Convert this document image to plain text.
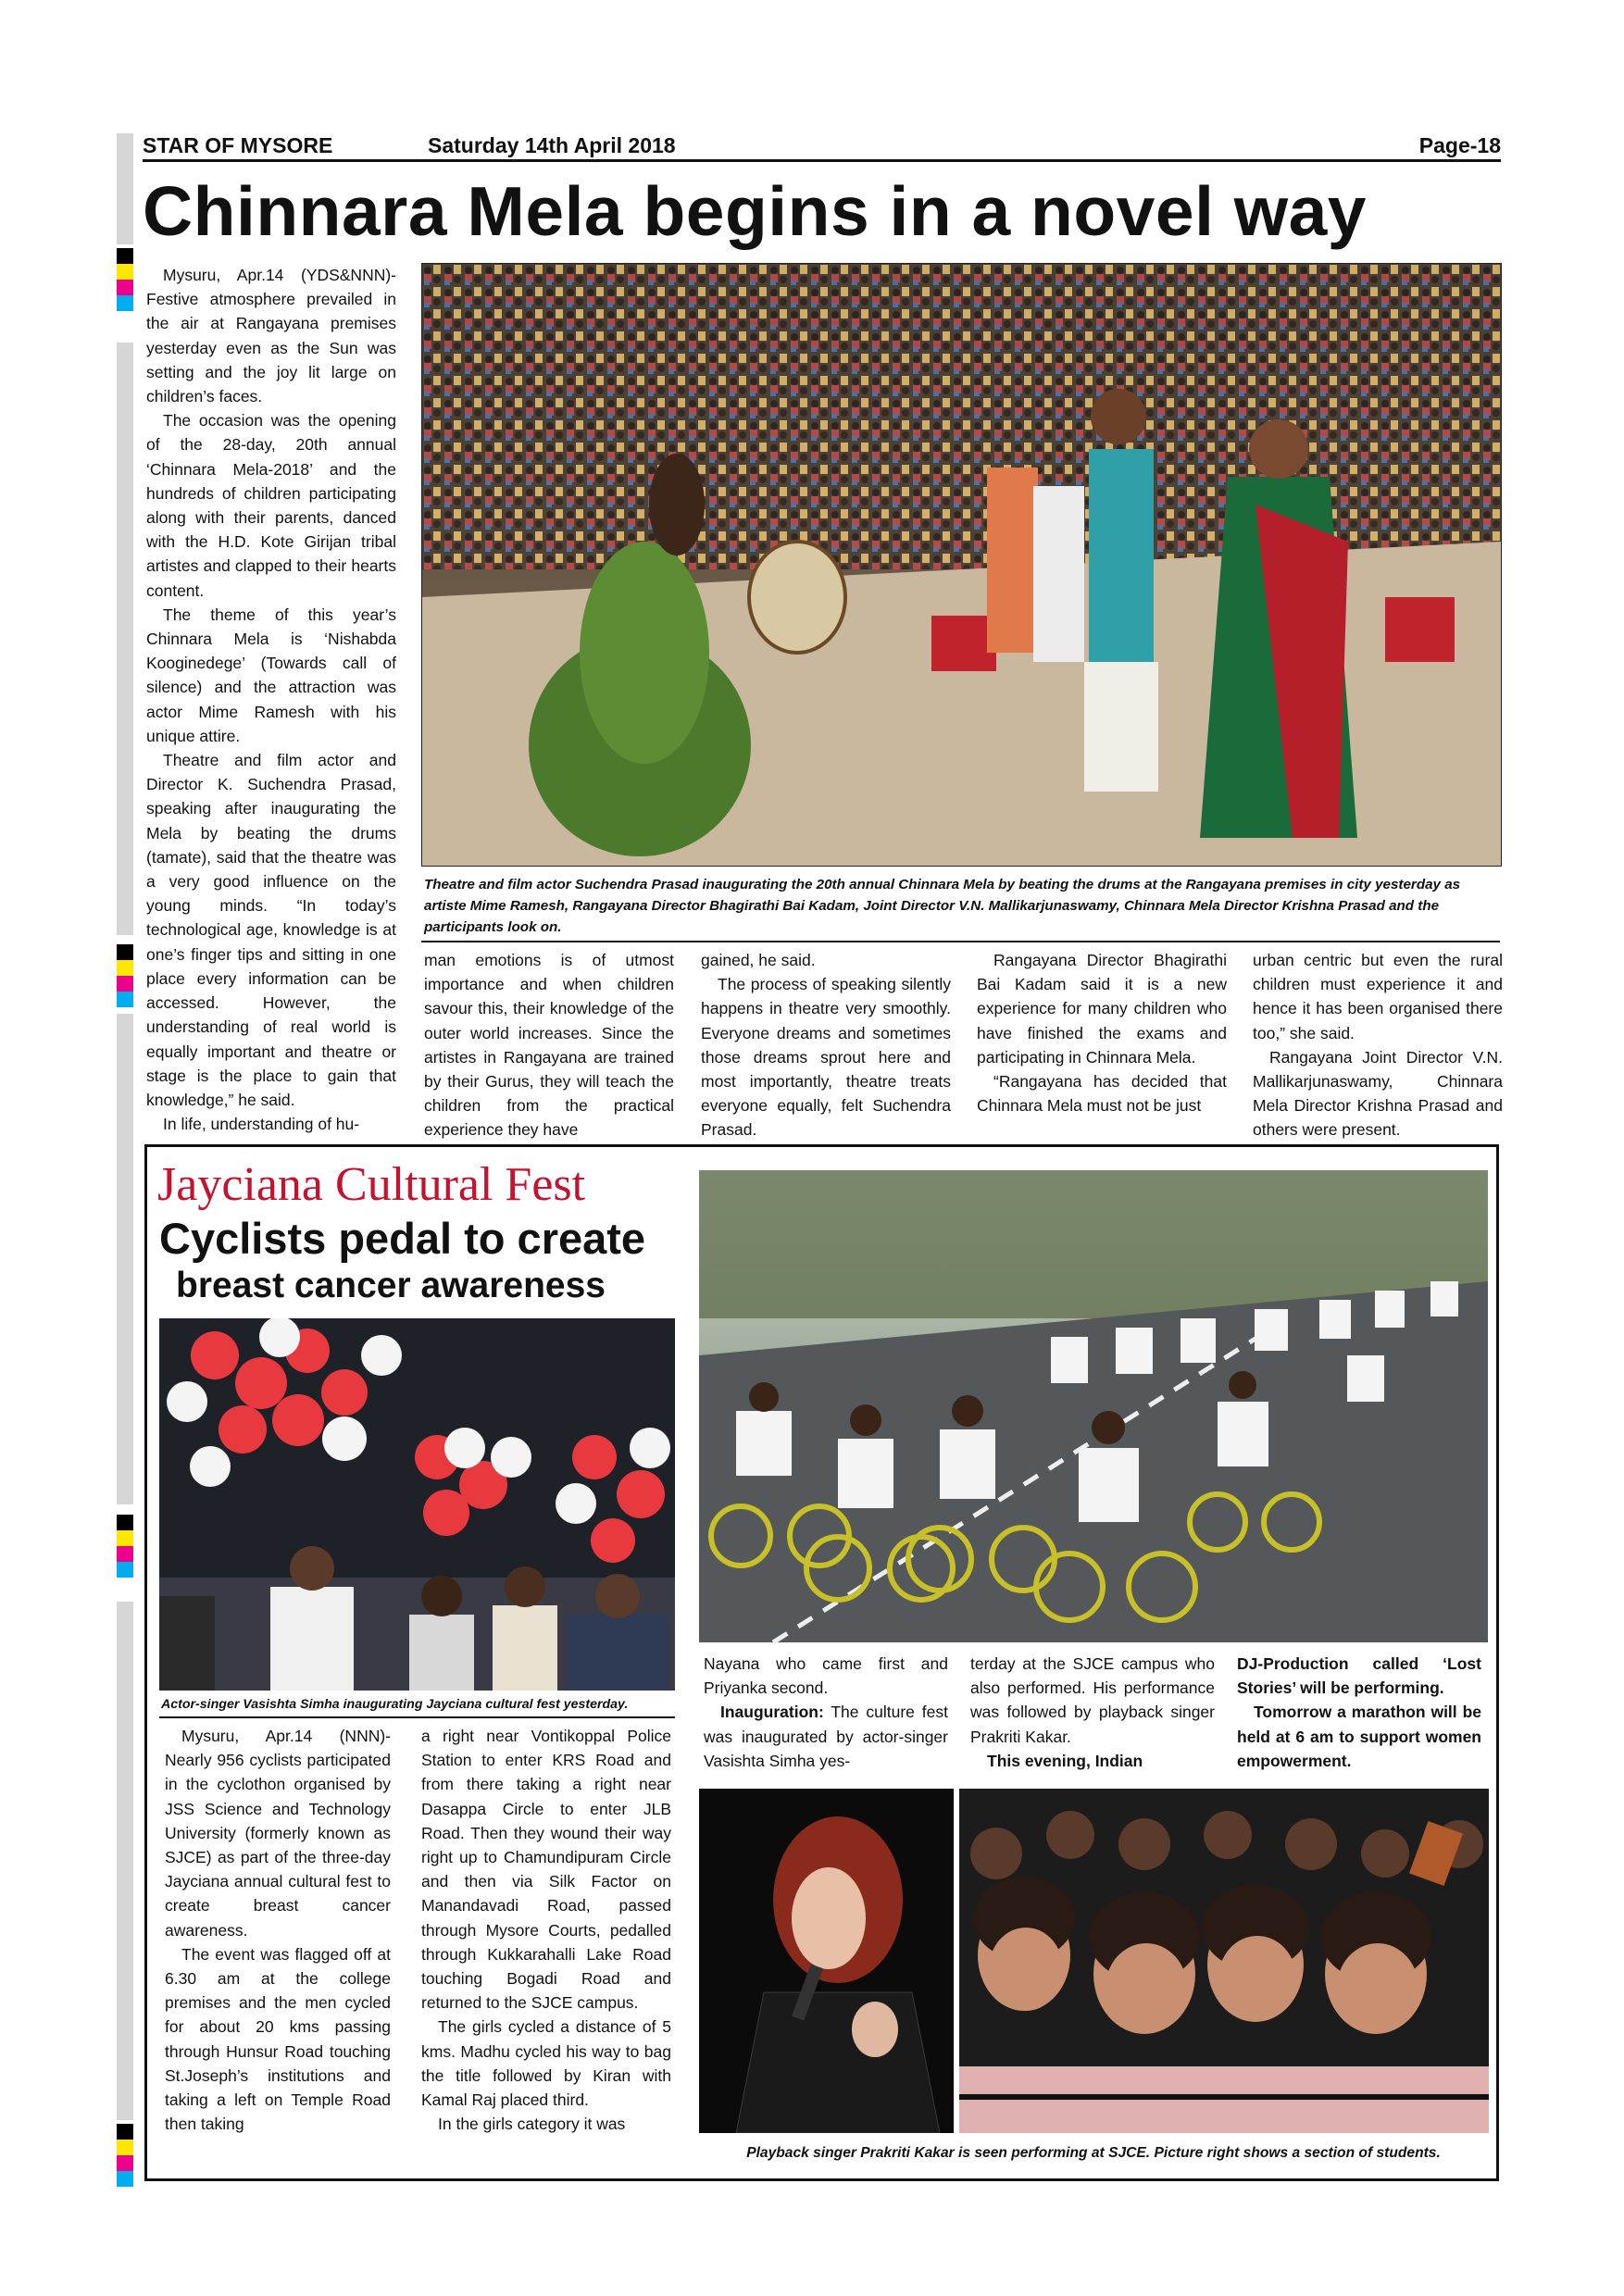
STAR OF MYSORE	Saturday 14th April 2018	Page-18
Chinnara Mela begins in a novel way

Mysuru, Apr.14 (YDS&NNN)- Festive atmosphere prevailed in the air at Rangayana premises yesterday even as the Sun was setting and the joy lit large on children’s faces.

The occasion was the opening of the 28-day, 20th annual ‘Chinnara Mela-2018’ and the hundreds of children participating along with their parents, danced with the H.D. Kote Girijan tribal artistes and clapped to their hearts content.

The theme of this year’s Chinnara Mela is ‘Nishabda Kooginedege’ (Towards call of silence) and the attraction was actor Mime Ramesh with his unique attire.

Theatre and film actor and Director K. Suchendra Prasad, speaking after inaugurating the Mela by beating the drums (tamate), said that the theatre was a very good influence on the young minds. “In today’s technological age, knowledge is at one’s finger tips and sitting in one place every information can be accessed. However, the understanding of real world is equally important and theatre or stage is the place to gain that knowledge,” he said.

In life, understanding of hu-

Theatre and film actor Suchendra Prasad inaugurating the 20th annual Chinnara Mela by beating the drums at the Rangayana premises in city yesterday as artiste Mime Ramesh, Rangayana Director Bhagirathi Bai Kadam, Joint Director V.N. Mallikarjunaswamy, Chinnara Mela Director Krishna Prasad and the participants look on.

man emotions is of utmost importance and when children savour this, their knowledge of the outer world increases. Since the artistes in Rangayana are trained by their Gurus, they will teach the children from the practical experience they have

gained, he said.

The process of speaking silently happens in theatre very smoothly. Everyone dreams and sometimes those dreams sprout here and most importantly, theatre treats everyone equally, felt Suchendra Prasad.

Rangayana Director Bhagirathi Bai Kadam said it is a new experience for many children who have finished the exams and participating in Chinnara Mela.

“Rangayana has decided that Chinnara Mela must not be just

urban centric but even the rural children must experience it and hence it has been organised there too,” she said.

Rangayana Joint Director V.N. Mallikarjunaswamy, Chinnara Mela Director Krishna Prasad and others were present.

Jayciana Cultural Fest
Cyclists pedal to create
breast cancer awareness
Actor-singer Vasishta Simha inaugurating Jayciana cultural fest yesterday.

Mysuru, Apr.14 (NNN)- Nearly 956 cyclists participated in the cyclothon organised by JSS Science and Technology University (formerly known as SJCE) as part of the three-day Jayciana annual cultural fest to create breast cancer awareness.

The event was flagged off at 6.30 am at the college premises and the men cycled for about 20 kms passing through Hunsur Road touching St.Joseph’s institutions and taking a left on Temple Road then taking

a right near Vontikoppal Police Station to enter KRS Road and from there taking a right near Dasappa Circle to enter JLB Road. Then they wound their way right up to Chamundipuram Circle and then via Silk Factor on Manandavadi Road, passed through Mysore Courts, pedalled through Kukkarahalli Lake Road touching Bogadi Road and returned to the SJCE campus.

The girls cycled a distance of 5 kms. Madhu cycled his way to bag the title followed by Kiran with Kamal Raj placed third.

In the girls category it was

Nayana who came first and Priyanka second.

Inauguration: The culture fest was inaugurated by actor-singer Vasishta Simha yes-

terday at the SJCE campus who also performed. His performance was followed by playback singer Prakriti Kakar.

This evening, Indian

DJ-Production called ‘Lost Stories’ will be performing.

Tomorrow a marathon will be held at 6 am to support women empowerment.

Playback singer Prakriti Kakar is seen performing at SJCE. Picture right shows a section of students.
